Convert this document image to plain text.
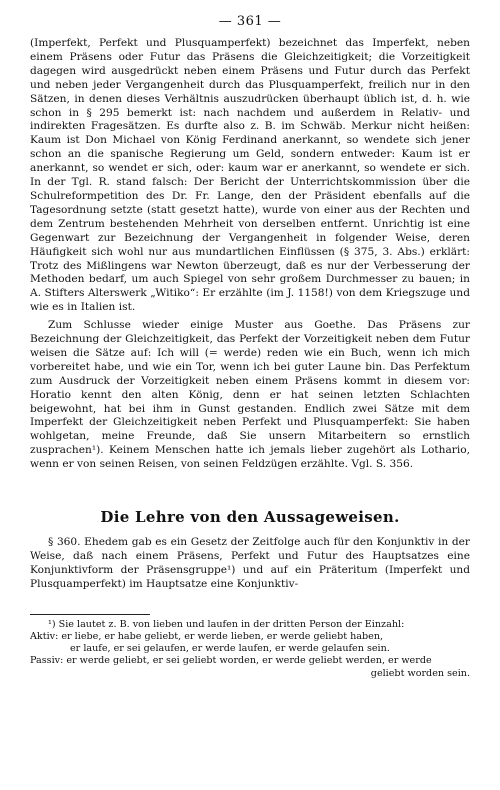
— 361 —

(Imperfekt, Perfekt und Plusquamperfekt) bezeichnet das Imperfekt, neben einem Präsens oder Futur das Präsens die Gleichzeitigkeit; die Vorzeitigkeit dagegen wird ausgedrückt neben einem Präsens und Futur durch das Perfekt und neben jeder Vergangenheit durch das Plusquamperfekt, freilich nur in den Sätzen, in denen dieses Verhältnis auszudrücken überhaupt üblich ist, d. h. wie schon in § 295 bemerkt ist: nach nachdem und außerdem in Relativ- und indirekten Fragesätzen. Es durfte also z. B. im Schwäb. Merkur nicht heißen: Kaum ist Don Michael von König Ferdinand anerkannt, so wendete sich jener schon an die spanische Regierung um Geld, sondern entweder: Kaum ist er anerkannt, so wendet er sich, oder: kaum war er anerkannt, so wendete er sich. In der Tgl. R. stand falsch: Der Bericht der Unterrichtskommission über die Schulreformpetition des Dr. Fr. Lange, den der Präsident ebenfalls auf die Tagesordnung setzte (statt gesetzt hatte), wurde von einer aus der Rechten und dem Zentrum bestehenden Mehrheit von derselben entfernt. Unrichtig ist eine Gegenwart zur Bezeichnung der Vergangenheit in folgender Weise, deren Häufigkeit sich wohl nur aus mundartlichen Einflüssen (§ 375, 3. Abs.) erklärt: Trotz des Mißlingens war Newton überzeugt, daß es nur der Verbesserung der Methoden bedarf, um auch Spiegel von sehr großem Durchmesser zu bauen; in A. Stifters Alterswerk „Witiko“: Er erzählte (im J. 1158!) von dem Kriegszuge und wie es in Italien ist.

Zum Schlusse wieder einige Muster aus Goethe. Das Präsens zur Bezeichnung der Gleichzeitigkeit, das Perfekt der Vorzeitigkeit neben dem Futur weisen die Sätze auf: Ich will (= werde) reden wie ein Buch, wenn ich mich vorbereitet habe, und wie ein Tor, wenn ich bei guter Laune bin. Das Perfektum zum Ausdruck der Vorzeitigkeit neben einem Präsens kommt in diesem vor: Horatio kennt den alten König, denn er hat seinen letzten Schlachten beigewohnt, hat bei ihm in Gunst gestanden. Endlich zwei Sätze mit dem Imperfekt der Gleichzeitigkeit neben Perfekt und Plusquamperfekt: Sie haben wohlgetan, meine Freunde, daß Sie unsern Mitarbeitern so ernstlich zusprachen¹). Keinem Menschen hatte ich jemals lieber zugehört als Lothario, wenn er von seinen Reisen, von seinen Feldzügen erzählte. Vgl. S. 356.

Die Lehre von den Aussageweisen.

§ 360. Ehedem gab es ein Gesetz der Zeitfolge auch für den Konjunktiv in der Weise, daß nach einem Präsens, Perfekt und Futur des Hauptsatzes eine Konjunktivform der Präsensgruppe¹) und auf ein Präteritum (Imperfekt und Plusquamperfekt) im Hauptsatze eine Konjunktiv-

¹) Sie lautet z. B. von lieben und laufen in der dritten Person der Einzahl:

Aktiv: er liebe, er habe geliebt, er werde lieben, er werde geliebt haben,

er laufe, er sei gelaufen, er werde laufen, er werde gelaufen sein.

Passiv: er werde geliebt, er sei geliebt worden, er werde geliebt werden, er werde

geliebt worden sein.
